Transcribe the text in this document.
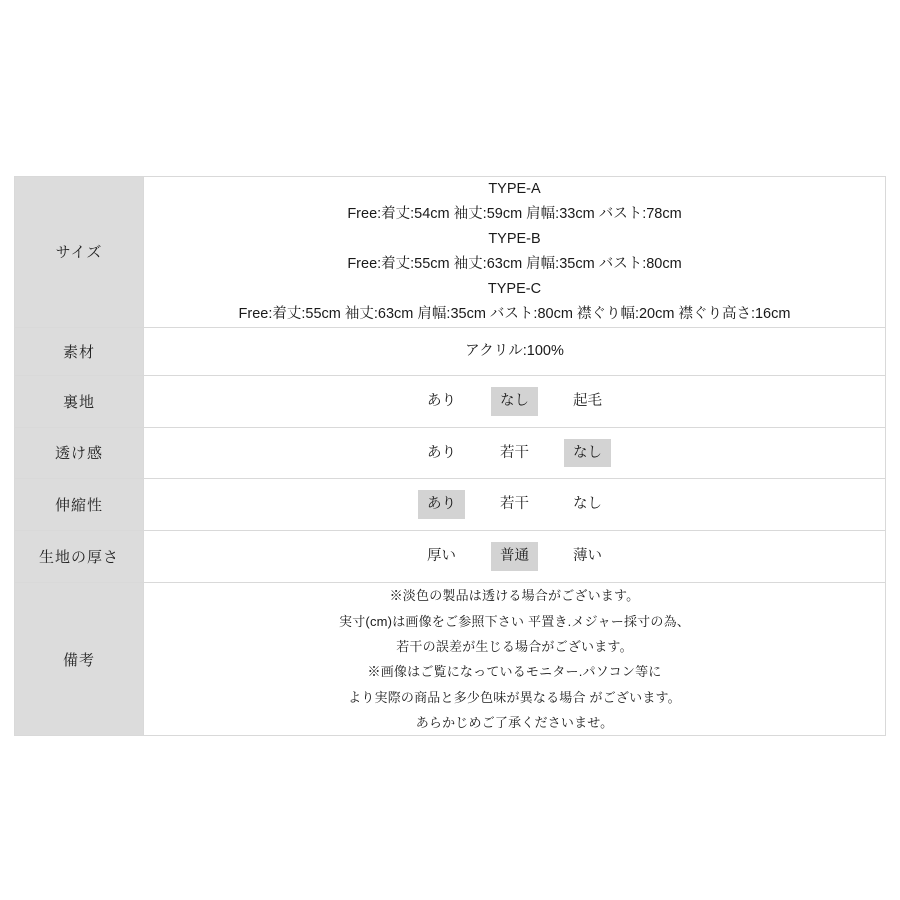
サイズ	
TYPE-A
Free:着丈:54cm 袖丈:59cm 肩幅:33cm バスト:78cm
TYPE-B
Free:着丈:55cm 袖丈:63cm 肩幅:35cm バスト:80cm
TYPE-C
Free:着丈:55cm 袖丈:63cm 肩幅:35cm バスト:80cm 襟ぐり幅:20cm 襟ぐり高さ:16cm

素材	アクリル:100%
裏地	あり なし 起毛

透け感	あり 若干 なし

伸縮性	あり 若干 なし

生地の厚さ	厚い 普通 薄い

備考	
※淡色の製品は透ける場合がございます。
実寸(cm)は画像をご参照下さい 平置き.メジャー採寸の為、
若干の誤差が生じる場合がございます。
※画像はご覧になっているモニター.パソコン等に
より実際の商品と多少色味が異なる場合 がございます。
あらかじめご了承くださいませ。
